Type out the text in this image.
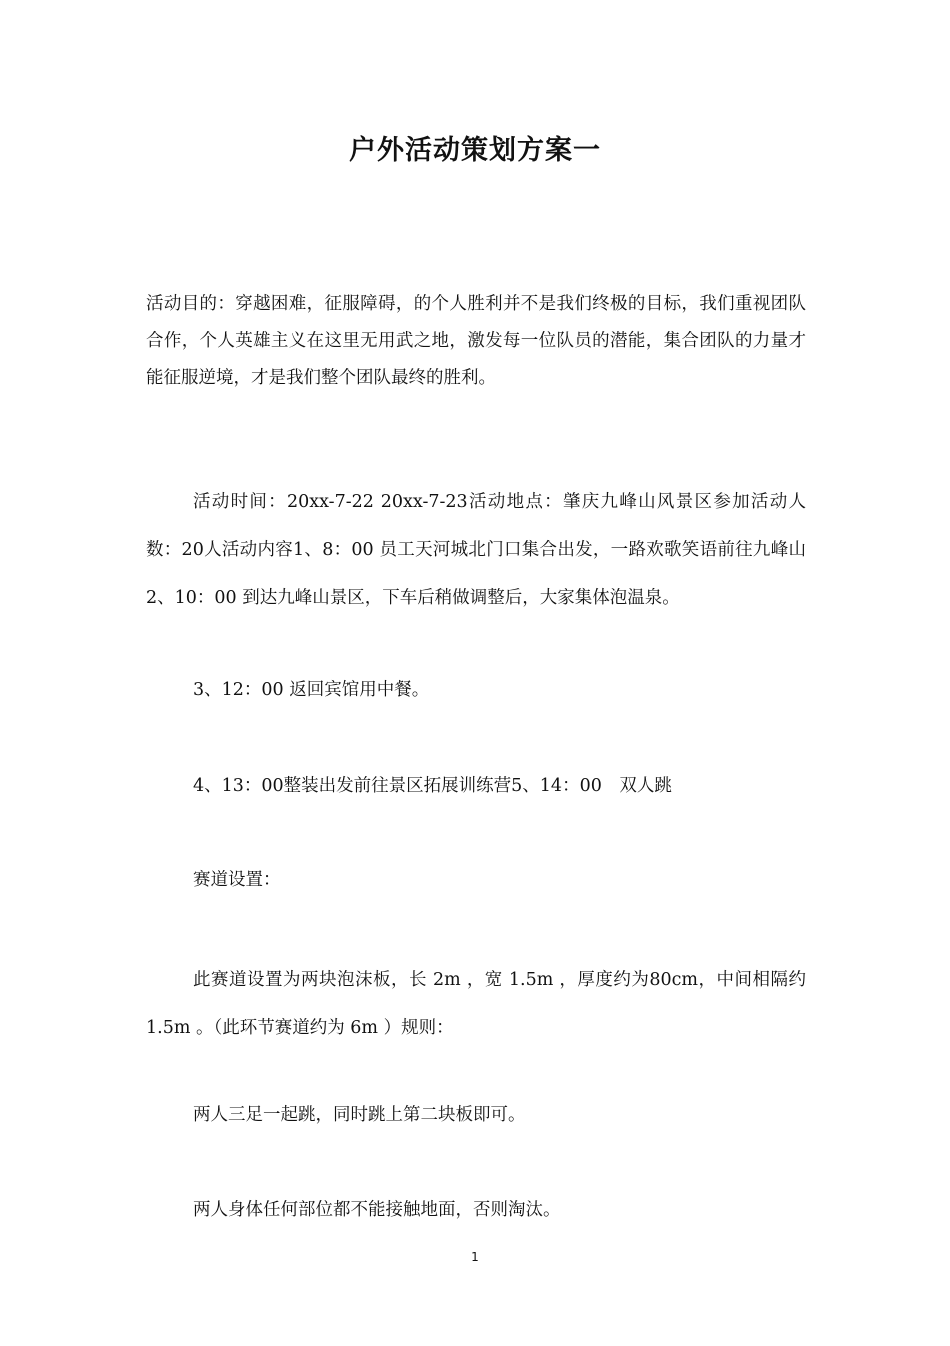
户外活动策划方案一

活动目的：穿越困难，征服障碍，的个人胜利并不是我们终极的目标，我们重视团队合作，个人英雄主义在这里无用武之地，激发每一位队员的潜能，集合团队的力量才能征服逆境，才是我们整个团队最终的胜利。

活动时间：20xx-7-22 20xx-7-23活动地点：肇庆九峰山风景区参加活动人数：20人活动内容1、8：00 员工天河城北门口集合出发，一路欢歌笑语前往九峰山2、10：00 到达九峰山景区，下车后稍做调整后，大家集体泡温泉。

3、12：00 返回宾馆用中餐。

4、13：00整装出发前往景区拓展训练营5、14：00　双人跳

赛道设置：

此赛道设置为两块泡沫板，长 2m ，宽 1.5m ，厚度约为80cm，中间相隔约 1.5m 。（此环节赛道约为 6m ）规则：

两人三足一起跳，同时跳上第二块板即可。

两人身体任何部位都不能接触地面，否则淘汰。

1
